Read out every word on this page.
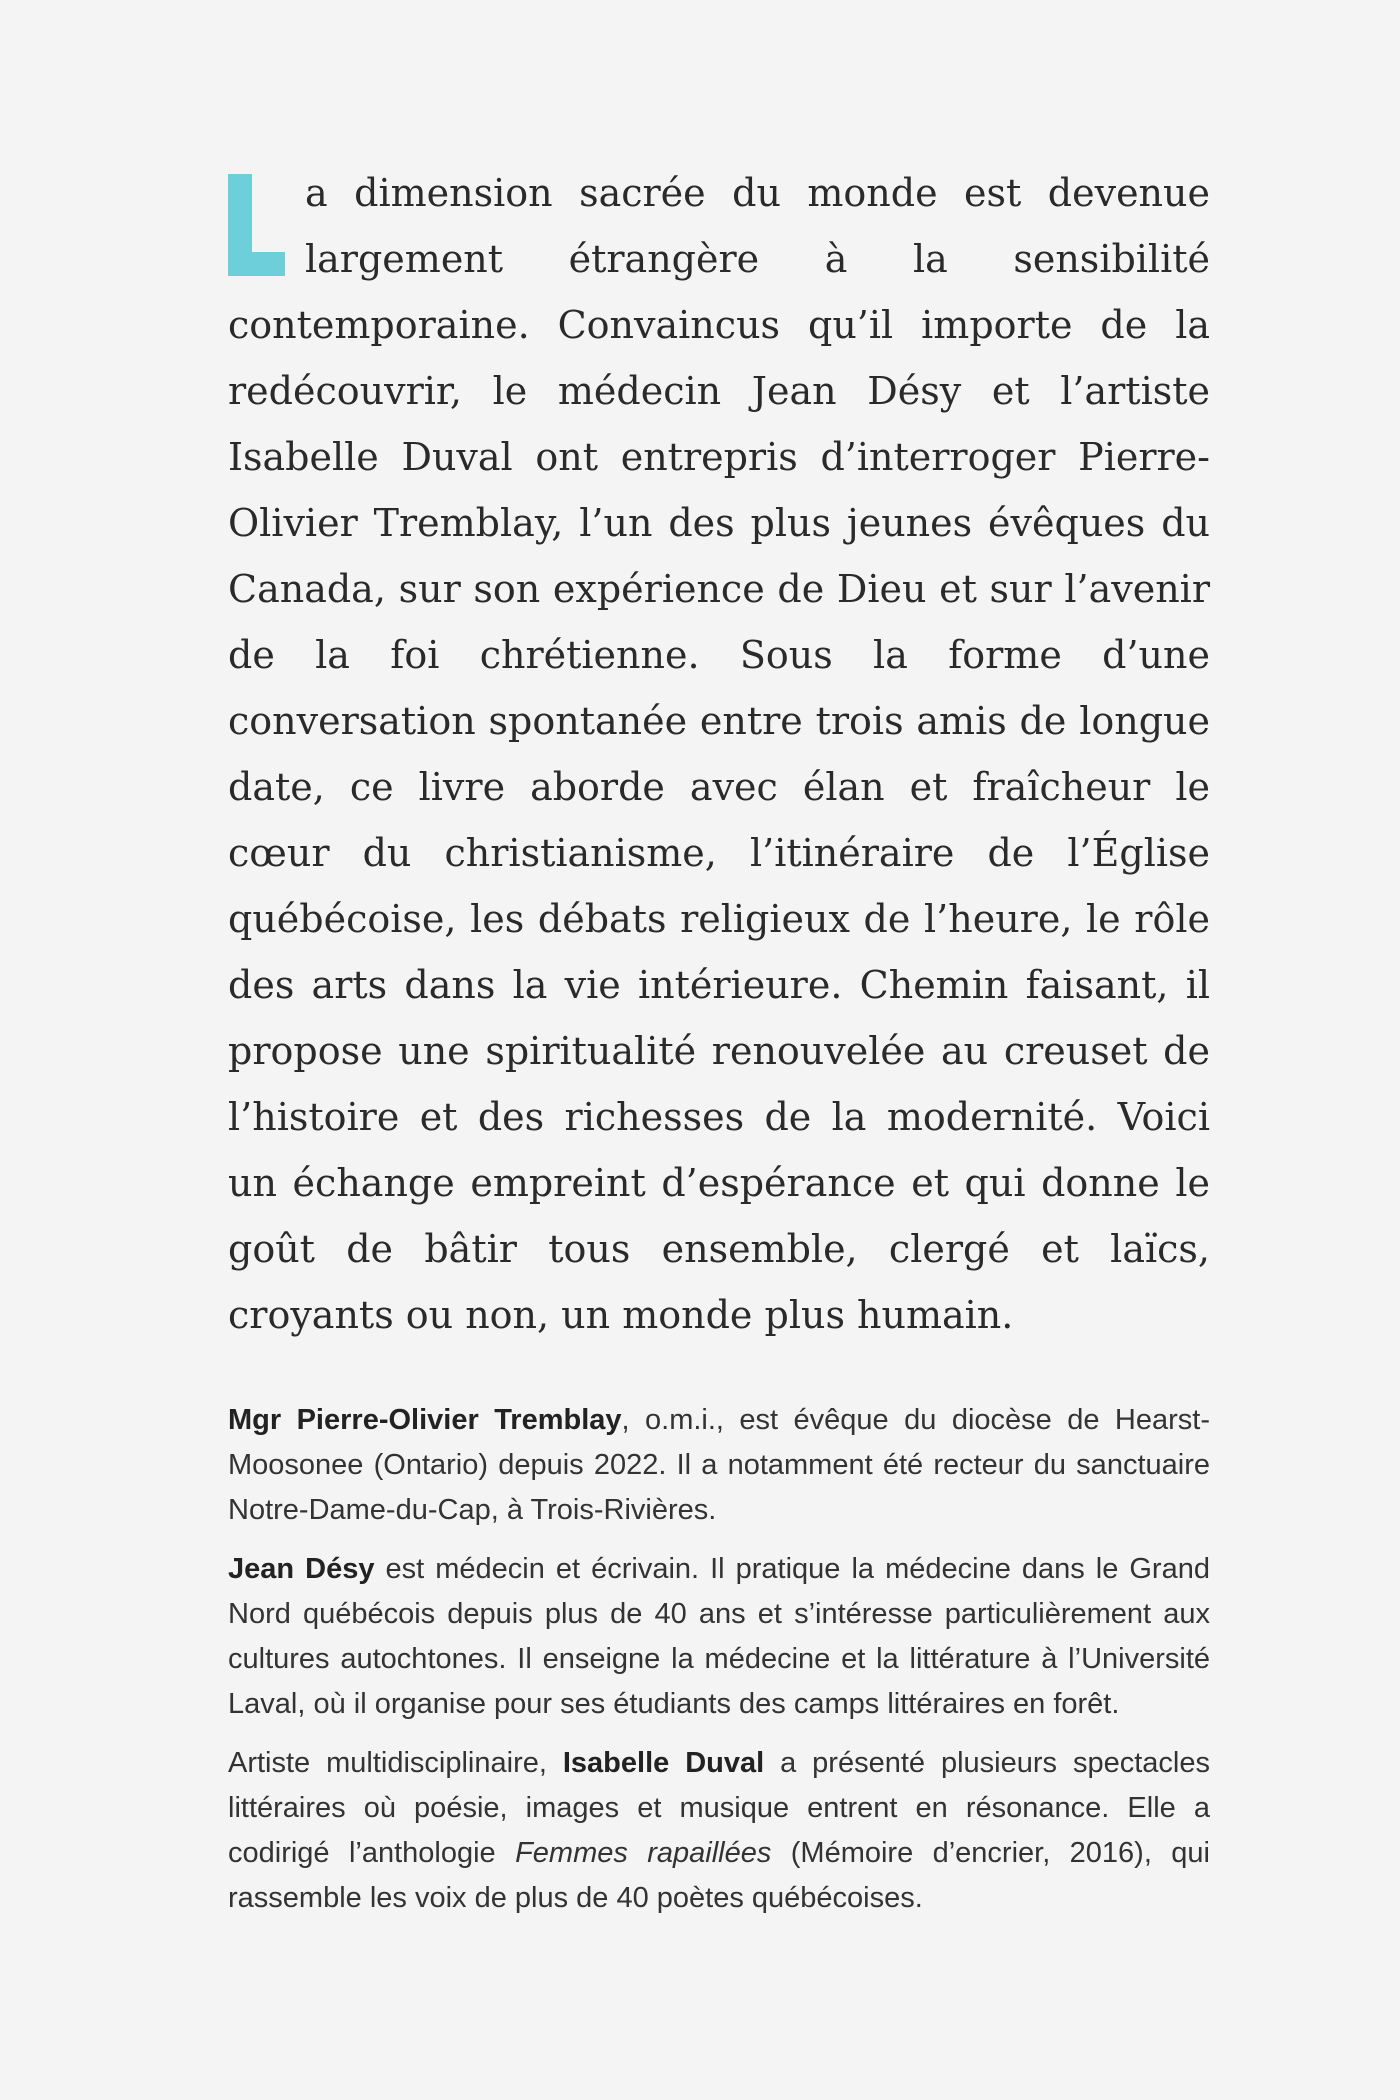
a dimension sacrée du monde est devenue largement étrangère à la sensibilité contemporaine. Convaincus qu’il importe de la redécouvrir, le médecin Jean Désy et l’artiste Isabelle Duval ont entrepris d’interroger Pierre-Olivier Tremblay, l’un des plus jeunes évêques du Canada, sur son expérience de Dieu et sur l’avenir de la foi chrétienne. Sous la forme d’une conversation spontanée entre trois amis de longue date, ce livre aborde avec élan et fraîcheur le cœur du christianisme, l’itinéraire de l’Église québécoise, les débats religieux de l’heure, le rôle des arts dans la vie intérieure. Chemin faisant, il propose une spiritualité renouvelée au creuset de l’histoire et des richesses de la modernité. Voici un échange empreint d’espérance et qui donne le goût de bâtir tous ensemble, clergé et laïcs, croyants ou non, un monde plus humain.

Mgr Pierre-Olivier Tremblay, o.m.i., est évêque du diocèse de Hearst-Moosonee (Ontario) depuis 2022. Il a notamment été recteur du sanctuaire Notre-Dame-du-Cap, à Trois-Rivières.

Jean Désy est médecin et écrivain. Il pratique la médecine dans le Grand Nord québécois depuis plus de 40 ans et s’intéresse particulièrement aux cultures autochtones. Il enseigne la médecine et la littérature à l’Université Laval, où il organise pour ses étudiants des camps littéraires en forêt.

Artiste multidisciplinaire, Isabelle Duval a présenté plusieurs spectacles littéraires où poésie, images et musique entrent en résonance. Elle a codirigé l’anthologie Femmes rapaillées (Mémoire d’encrier, 2016), qui rassemble les voix de plus de 40 poètes québécoises.
